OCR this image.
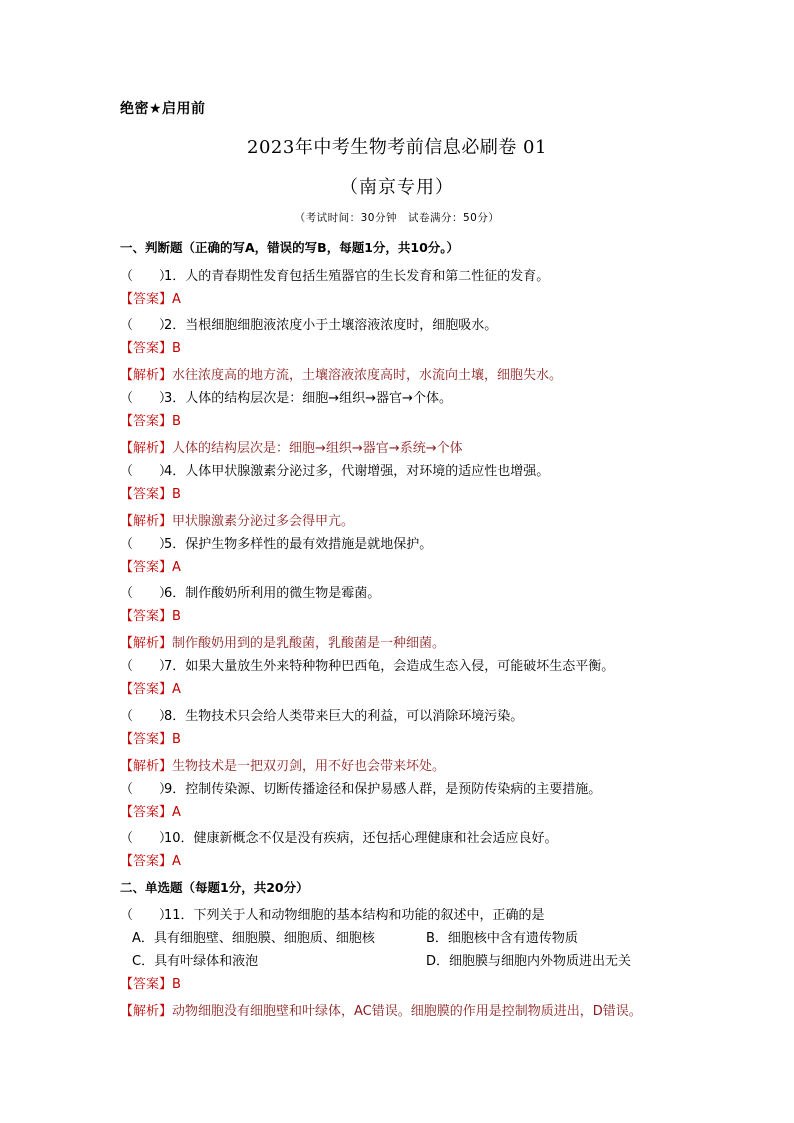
绝密★启用前
2023年中考生物考前信息必刷卷 01
（南京专用）
（考试时间：30分钟　试卷满分：50分）
一、判断题（正确的写A，错误的写B，每题1分，共10分。）
（　　）1．人的青春期性发育包括生殖器官的生长发育和第二性征的发育。
【答案】A
（　　）2．当根细胞细胞液浓度小于土壤溶液浓度时，细胞吸水。
【答案】B
【解析】水往浓度高的地方流，土壤溶液浓度高时，水流向土壤，细胞失水。
（　　）3．人体的结构层次是：细胞→组织→器官→个体。
【答案】B
【解析】人体的结构层次是：细胞→组织→器官→系统→个体
（　　）4．人体甲状腺激素分泌过多，代谢增强，对环境的适应性也增强。
【答案】B
【解析】甲状腺激素分泌过多会得甲亢。
（　　）5．保护生物多样性的最有效措施是就地保护。
【答案】A
（　　）6．制作酸奶所利用的微生物是霉菌。
【答案】B
【解析】制作酸奶用到的是乳酸菌，乳酸菌是一种细菌。
（　　）7．如果大量放生外来特种物种巴西龟，会造成生态入侵，可能破坏生态平衡。
【答案】A
（　　）8．生物技术只会给人类带来巨大的利益，可以消除环境污染。
【答案】B
【解析】生物技术是一把双刃剑，用不好也会带来坏处。
（　　）9．控制传染源、切断传播途径和保护易感人群，是预防传染病的主要措施。
【答案】A
（　　）10．健康新概念不仅是没有疾病，还包括心理健康和社会适应良好。
【答案】A
二、单选题（每题1分，共20分）
（　　）11．下列关于人和动物细胞的基本结构和功能的叙述中，正确的是
A．具有细胞壁、细胞膜、细胞质、细胞核	B．细胞核中含有遗传物质
C．具有叶绿体和液泡	D．细胞膜与细胞内外物质进出无关
【答案】B
【解析】动物细胞没有细胞壁和叶绿体，AC错误。细胞膜的作用是控制物质进出，D错误。
